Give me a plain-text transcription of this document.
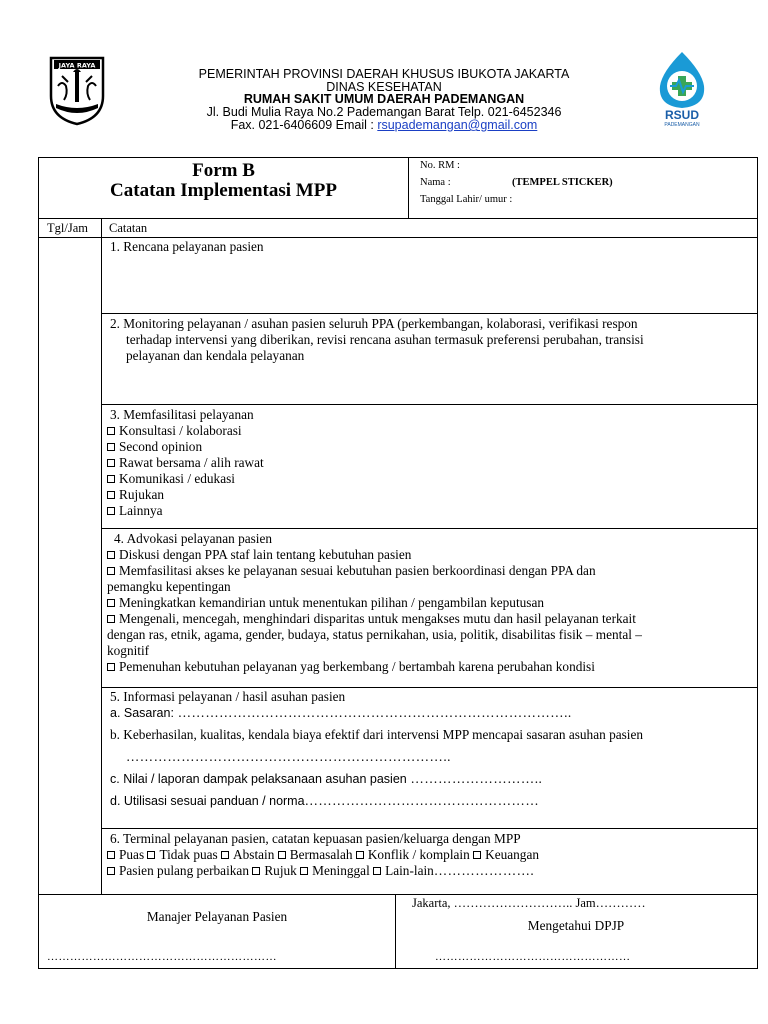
JAYA RAYA
PEMERINTAH PROVINSI DAERAH KHUSUS IBUKOTA JAKARTA
DINAS KESEHATAN
RUMAH SAKIT UMUM DAERAH PADEMANGAN
Jl. Budi Mulia Raya No.2 Pademangan Barat Telp. 021-6452346
Fax. 021-6406609 Email : rsupademangan@gmail.com
RSUD
PADEMANGAN
Form B
Catatan Implementasi MPP
No. RM :
Nama :	(TEMPEL STICKER)
Tanggal Lahir/ umur :
Tgl/Jam Catatan
1. Rencana pelayanan pasien
2. Monitoring pelayanan / asuhan pasien seluruh PPA (perkembangan, kolaborasi, verifikasi respon
terhadap intervensi yang diberikan, revisi rencana asuhan termasuk preferensi perubahan, transisi
pelayanan dan kendala pelayanan
3. Memfasilitasi pelayanan
Konsultasi / kolaborasi
Second opinion
Rawat bersama / alih rawat
Komunikasi / edukasi
Rujukan
Lainnya
4. Advokasi pelayanan pasien
Diskusi dengan PPA staf lain tentang kebutuhan pasien
Memfasilitasi akses ke pelayanan sesuai kebutuhan pasien berkoordinasi dengan PPA dan
pemangku kepentingan
Meningkatkan kemandirian untuk menentukan pilihan / pengambilan keputusan
Mengenali, mencegah, menghindari disparitas untuk mengakses mutu dan hasil pelayanan terkait
dengan ras, etnik, agama, gender, budaya, status pernikahan, usia, politik, disabilitas fisik – mental –
kognitif
Pemenuhan kebutuhan pelayanan yag berkembang / bertambah karena perubahan kondisi
5. Informasi pelayanan / hasil asuhan pasien
a. Sasaran: …………………………………………………………………………..
b. Keberhasilan, kualitas, kendala biaya efektif dari intervensi MPP mencapai sasaran asuhan pasien
……………………………………………………………..
c. Nilai / laporan dampak pelaksanaan asuhan pasien ………………………..
d. Utilisasi sesuai panduan / norma……………………………………………
6. Terminal pelayanan pasien, catatan kepuasan pasien/keluarga dengan MPP
Puas Tidak puas Abstain Bermasalah Konflik / komplain Keuangan
Pasien pulang perbaikan Rujuk Meninggal Lain-lain………………….
Manajer Pelayanan Pasien
……………………………………………………
Jakarta, ……………………….. Jam…………
Mengetahui DPJP
……………………………………………
